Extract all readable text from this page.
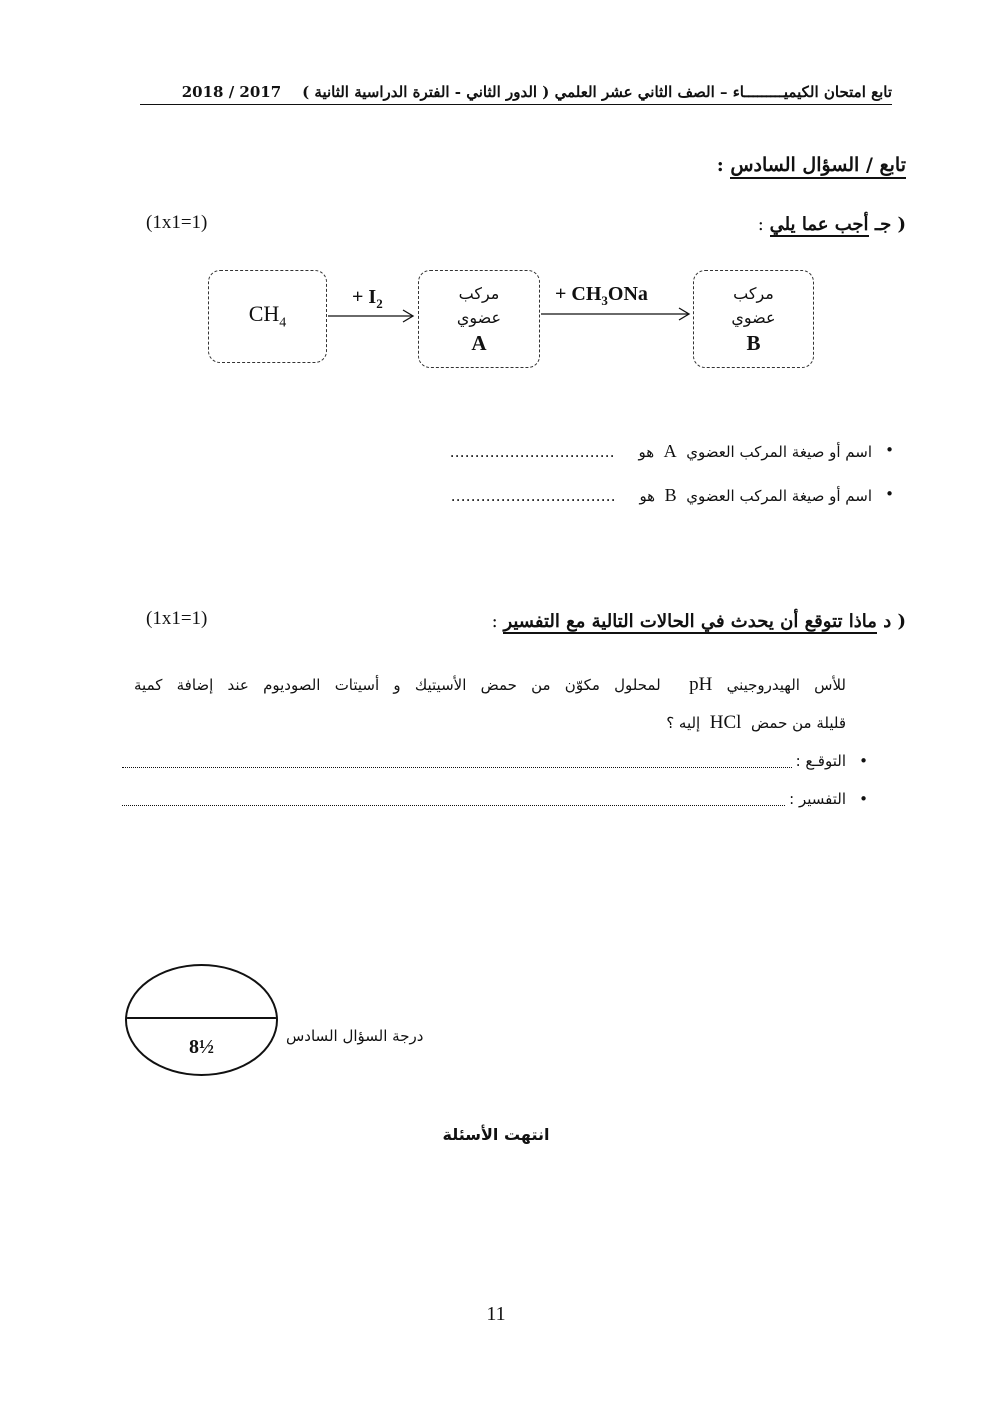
تابع امتحان الكيميـــــــــاء – الصف الثاني عشر العلمي ( الدور الثاني - الفترة الدراسية الثانية )    2018 / 2017
تابع / السؤال السادس :
(1x1=1)	( جـ أجب عما يلي :
$CH_4$
+ $I_2$	+ $CH_3ONa$
مركب
عضوي
A
مركب
عضوي
B
• اسم أو صيغة المركب العضوي  A  هو     ……………………………
• اسم أو صيغة المركب العضوي  B  هو     ……………………………
(1x1=1)	( د ماذا تتوقع أن يحدث في الحالات التالية مع التفسير :
للأس الهيدروجيني pH  لمحلول مكوّن من حمض الأسيتيك و أسيتات الصوديوم عند إضافة كمية
قليلة من حمض  HCl  إليه ؟
• التوقـع :
• التفسير :
8½	درجة السؤال السادس
انتهت الأسئلة
11
